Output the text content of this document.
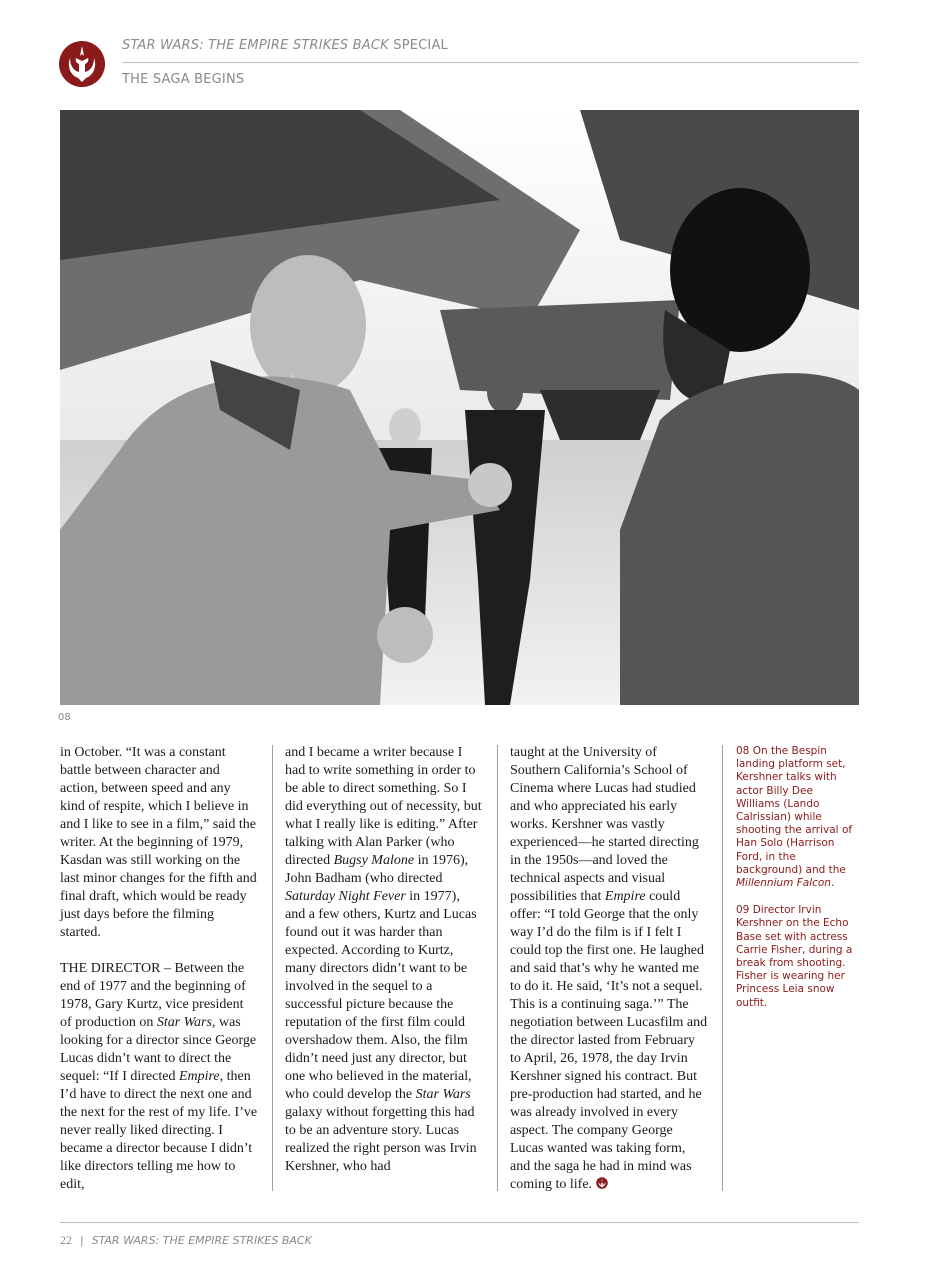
STAR WARS: THE EMPIRE STRIKES BACK SPECIAL
THE SAGA BEGINS
08

in October. “It was a constant battle between character and action, between speed and any kind of respite, which I believe in and I like to see in a film,” said the writer. At the beginning of 1979, Kasdan was still working on the last minor changes for the fifth and final draft, which would be ready just days before the filming started.

THE DIRECTOR – Between the end of 1977 and the beginning of 1978, Gary Kurtz, vice president of production on Star Wars, was looking for a director since George Lucas didn’t want to direct the sequel: “If I directed Empire, then I’d have to direct the next one and the next for the rest of my life. I’ve never really liked directing. I became a director because I didn’t like directors telling me how to edit,

and I became a writer because I had to write something in order to be able to direct something. So I did everything out of necessity, but what I really like is editing.” After talking with Alan Parker (who directed Bugsy Malone in 1976), John Badham (who directed Saturday Night Fever in 1977), and a few others, Kurtz and Lucas found out it was harder than expected. According to Kurtz, many directors didn’t want to be involved in the sequel to a successful picture because the reputation of the first film could overshadow them. Also, the film didn’t need just any director, but one who believed in the material, who could develop the Star Wars galaxy without forgetting this had to be an adventure story. Lucas realized the right person was Irvin Kershner, who had

taught at the University of Southern California’s School of Cinema where Lucas had studied and who appreciated his early works. Kershner was vastly experienced—he started directing in the 1950s—and loved the technical aspects and visual possibilities that Empire could offer: “I told George that the only way I’d do the film is if I felt I could top the first one. He laughed and said that’s why he wanted me to do it. He said, ‘It’s not a sequel. This is a continuing saga.’” The negotiation between Lucasfilm and the director lasted from February to April, 26, 1978, the day Irvin Kershner signed his contract. But pre-production had started, and he was already involved in every aspect. The company George Lucas wanted was taking form, and the saga he had in mind was coming to life.

08 On the Bespin landing platform set, Kershner talks with actor Billy Dee Williams (Lando Calrissian) while shooting the arrival of Han Solo (Harrison Ford, in the background) and the Millennium Falcon.

09 Director Irvin Kershner on the Echo Base set with actress Carrie Fisher, during a break from shooting. Fisher is wearing her Princess Leia snow outfit.

22 | STAR WARS: THE EMPIRE STRIKES BACK
